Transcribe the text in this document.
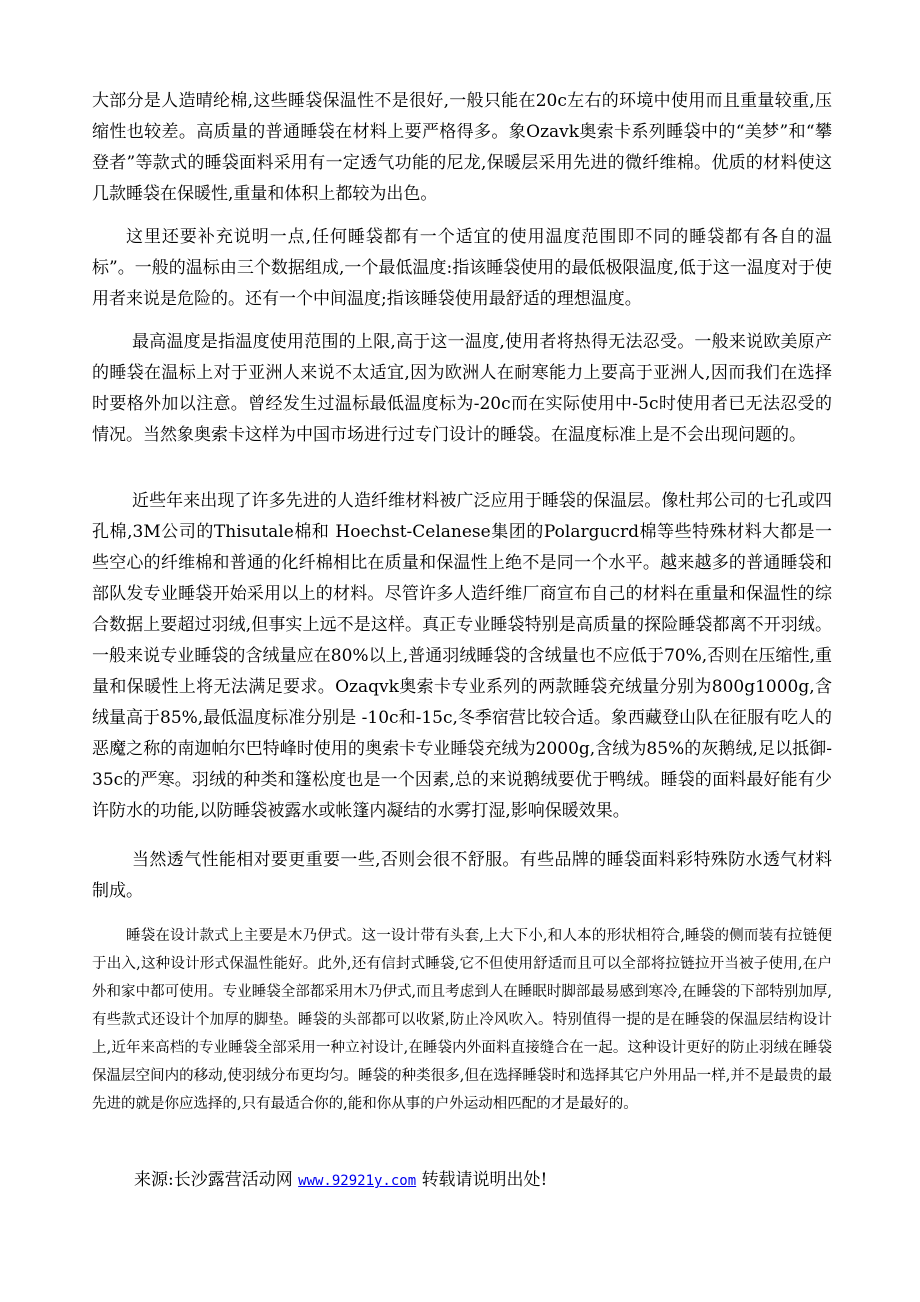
大部分是人造晴纶棉,这些睡袋保温性不是很好,一般只能在20c左右的环境中使用而且重量较重,压缩性也较差。高质量的普通睡袋在材料上要严格得多。象Ozavk奥索卡系列睡袋中的“美梦”和“攀登者”等款式的睡袋面料采用有一定透气功能的尼龙,保暖层采用先进的微纤维棉。优质的材料使这几款睡袋在保暖性,重量和体积上都较为出色。

这里还要补充说明一点,任何睡袋都有一个适宜的使用温度范围即不同的睡袋都有各自的温标”。一般的温标由三个数据组成,一个最低温度:指该睡袋使用的最低极限温度,低于这一温度对于使用者来说是危险的。还有一个中间温度;指该睡袋使用最舒适的理想温度。

最高温度是指温度使用范围的上限,高于这一温度,使用者将热得无法忍受。一般来说欧美原产的睡袋在温标上对于亚洲人来说不太适宜,因为欧洲人在耐寒能力上要高于亚洲人,因而我们在选择时要格外加以注意。曾经发生过温标最低温度标为-20c而在实际使用中-5c时使用者已无法忍受的情况。当然象奥索卡这样为中国市场进行过专门设计的睡袋。在温度标准上是不会出现问题的。

近些年来出现了许多先进的人造纤维材料被广泛应用于睡袋的保温层。像杜邦公司的七孔或四孔棉,3M公司的Thisutale棉和 Hoechst-Celanese集团的Polargucrd棉等些特殊材料大都是一些空心的纤维棉和普通的化纤棉相比在质量和保温性上绝不是同一个水平。越来越多的普通睡袋和部队发专业睡袋开始采用以上的材料。尽管许多人造纤维厂商宣布自己的材料在重量和保温性的综合数据上要超过羽绒,但事实上远不是这样。真正专业睡袋特别是高质量的探险睡袋都离不开羽绒。一般来说专业睡袋的含绒量应在80%以上,普通羽绒睡袋的含绒量也不应低于70%,否则在压缩性,重量和保暖性上将无法满足要求。Ozaqvk奥索卡专业系列的两款睡袋充绒量分别为800g1000g,含绒量高于85%,最低温度标准分别是 -10c和-15c,冬季宿营比较合适。象西藏登山队在征服有吃人的恶魔之称的南迦帕尔巴特峰时使用的奥索卡专业睡袋充绒为2000g,含绒为85%的灰鹅绒,足以抵御-35c的严寒。羽绒的种类和篷松度也是一个因素,总的来说鹅绒要优于鸭绒。睡袋的面料最好能有少许防水的功能,以防睡袋被露水或帐篷内凝结的水雾打湿,影响保暖效果。

当然透气性能相对要更重要一些,否则会很不舒服。有些品牌的睡袋面料彩特殊防水透气材料制成。

睡袋在设计款式上主要是木乃伊式。这一设计带有头套,上大下小,和人本的形状相符合,睡袋的侧而装有拉链便于出入,这种设计形式保温性能好。此外,还有信封式睡袋,它不但使用舒适而且可以全部将拉链拉开当被子使用,在户外和家中都可使用。专业睡袋全部都采用木乃伊式,而且考虑到人在睡眠时脚部最易感到寒冷,在睡袋的下部特别加厚,有些款式还设计个加厚的脚垫。睡袋的头部都可以收紧,防止冷风吹入。特别值得一提的是在睡袋的保温层结构设计上,近年来高档的专业睡袋全部采用一种立衬设计,在睡袋内外面料直接缝合在一起。这种设计更好的防止羽绒在睡袋保温层空间内的移动,使羽绒分布更均匀。睡袋的种类很多,但在选择睡袋时和选择其它户外用品一样,并不是最贵的最先进的就是你应选择的,只有最适合你的,能和你从事的户外运动相匹配的才是最好的。

来源:长沙露营活动网 www.92921y.com 转载请说明出处!
